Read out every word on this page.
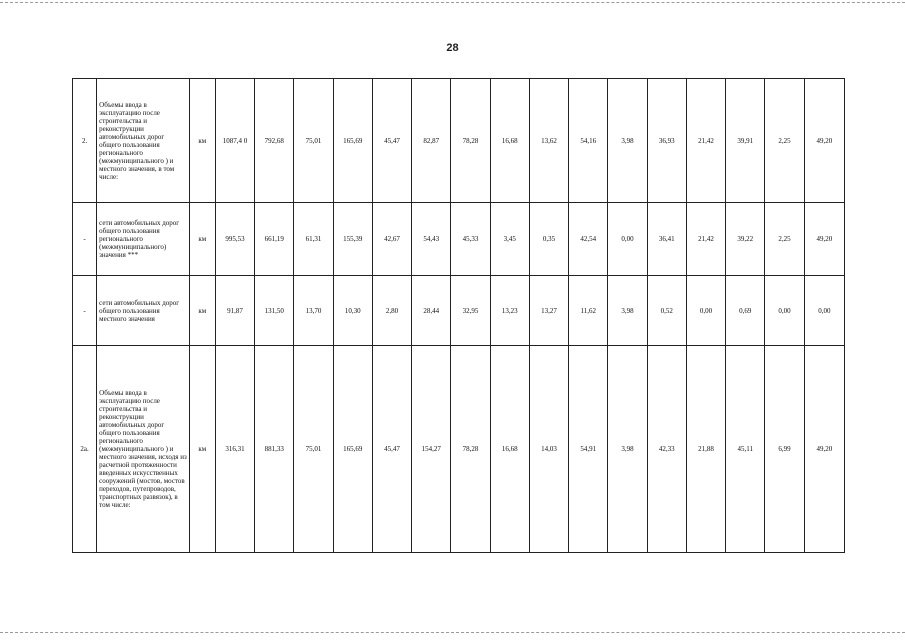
28
2.	Объемы ввода в эксплуатацию после строительства и реконструкции автомобильных дорог общего пользования регионального (межмуниципального ) и местного значения, в том числе:	км	1087,4 0	792,68	75,01	165,69	45,47	82,87	78,28	16,68	13,62	54,16	3,98	36,93	21,42	39,91	2,25	49,20
-	сети автомобильных дорог общего пользования регионального (межмуниципального) значения ***	км	995,53	661,19	61,31	155,39	42,67	54,43	45,33	3,45	0,35	42,54	0,00	36,41	21,42	39,22	2,25	49,20
-	сети автомобильных дорог общего пользования местного значения	км	91,87	131,50	13,70	10,30	2,80	28,44	32,95	13,23	13,27	11,62	3,98	0,52	0,00	0,69	0,00	0,00
2а.	Объемы ввода в эксплуатацию после строительства и реконструкции автомобильных дорог общего пользования регионального (межмуниципального ) и местного значения, исходя из расчетной протяженности введенных искусственных сооружений (мостов, мостов переходов, путепроводов, транспортных развязок), в том числе:	км	316,31	881,33	75,01	165,69	45,47	154,27	78,28	16,68	14,03	54,91	3,98	42,33	21,88	45,11	6,99	49,20
